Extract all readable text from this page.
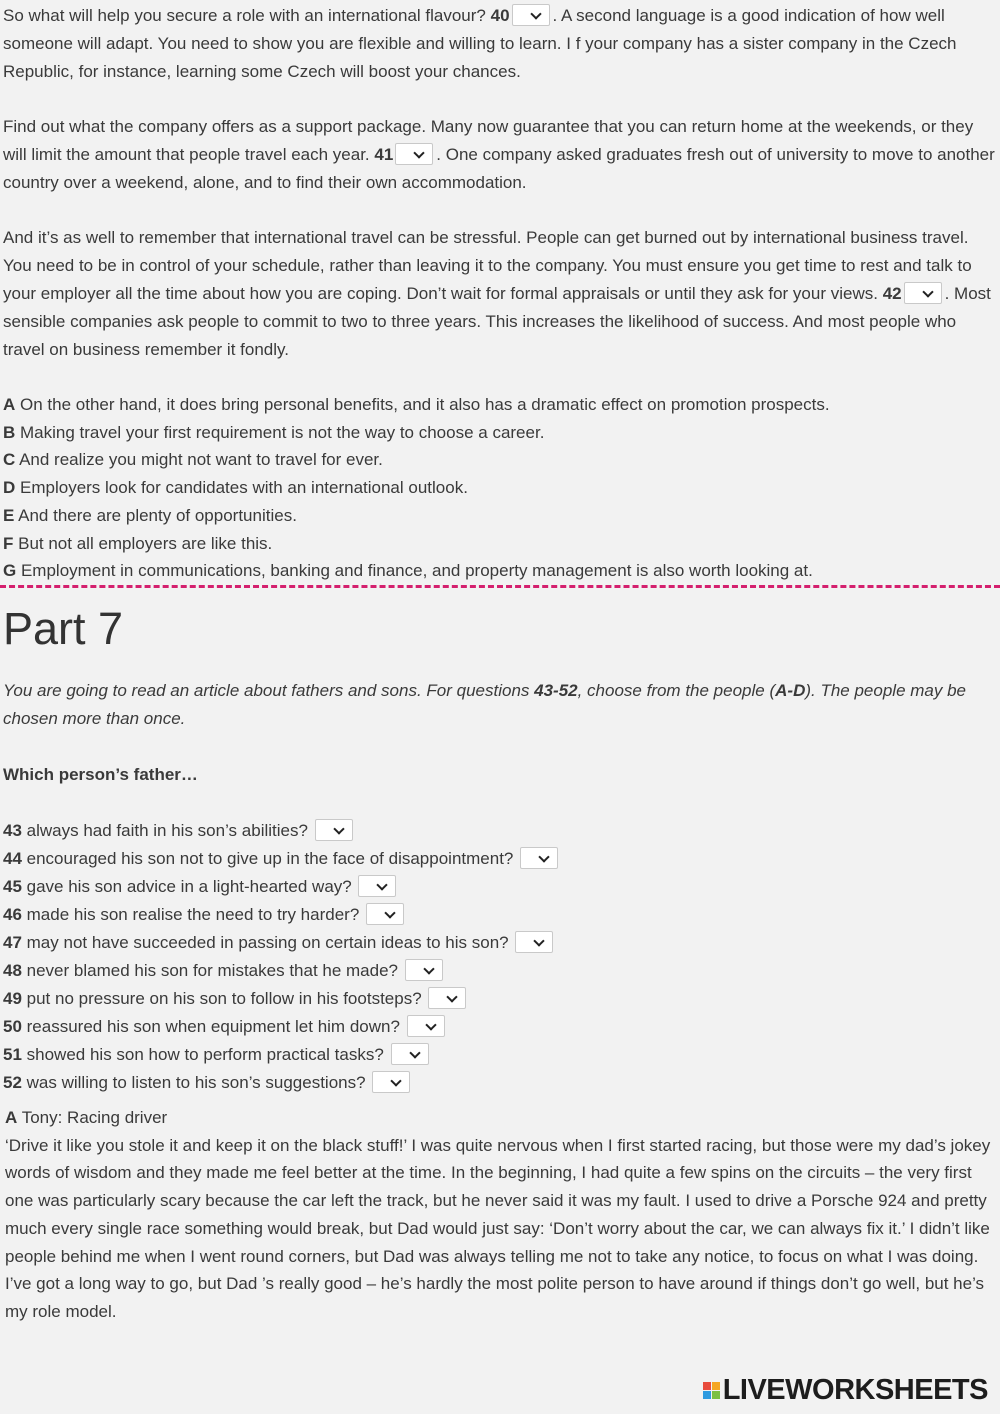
So what will help you secure a role with an international flavour? 40	. A second language is a good indication of how well someone will adapt. You need to show you are flexible and willing to learn. I f your company has a sister company in the Czech Republic, for instance, learning some Czech will boost your chances.
Find out what the company offers as a support package. Many now guarantee that you can return home at the weekends, or they will limit the amount that people travel each year. 41	. One company asked graduates fresh out of university to move to another country over a weekend, alone, and to find their own accommodation.
And it’s as well to remember that international travel can be stressful. People can get burned out by international business travel. You need to be in control of your schedule, rather than leaving it to the company. You must ensure you get time to rest and talk to your employer all the time about how you are coping. Don’t wait for formal appraisals or until they ask for your views. 42	. Most sensible companies ask people to commit to two to three years. This increases the likelihood of success. And most people who travel on business remember it fondly.
A On the other hand, it does bring personal benefits, and it also has a dramatic effect on promotion prospects.
B Making travel your first requirement is not the way to choose a career.
C And realize you might not want to travel for ever.
D Employers look for candidates with an international outlook.
E And there are plenty of opportunities.
F But not all employers are like this.
G Employment in communications, banking and finance, and property management is also worth looking at.
Part 7
You are going to read an article about fathers and sons. For questions 43-52, choose from the people (A-D). The people may be chosen more than once.
Which person’s father…
43 always had faith in his son’s abilities?
44 encouraged his son not to give up in the face of disappointment?
45 gave his son advice in a light-hearted way?
46 made his son realise the need to try harder?
47 may not have succeeded in passing on certain ideas to his son?
48 never blamed his son for mistakes that he made?
49 put no pressure on his son to follow in his footsteps?
50 reassured his son when equipment let him down?
51 showed his son how to perform practical tasks?
52 was willing to listen to his son’s suggestions?
A Tony: Racing driver
‘Drive it like you stole it and keep it on the black stuff!’ I was quite nervous when I first started racing, but those were my dad’s jokey words of wisdom and they made me feel better at the time. In the beginning, I had quite a few spins on the circuits – the very first one was particularly scary because the car left the track, but he never said it was my fault. I used to drive a Porsche 924 and pretty much every single race something would break, but Dad would just say: ‘Don’t worry about the car, we can always fix it.’ I didn’t like people behind me when I went round corners, but Dad was always telling me not to take any notice, to focus on what I was doing. I’ve got a long way to go, but Dad ’s really good – he’s hardly the most polite person to have around if things don’t go well, but he’s my role model.
LIVEWORKSHEETS
